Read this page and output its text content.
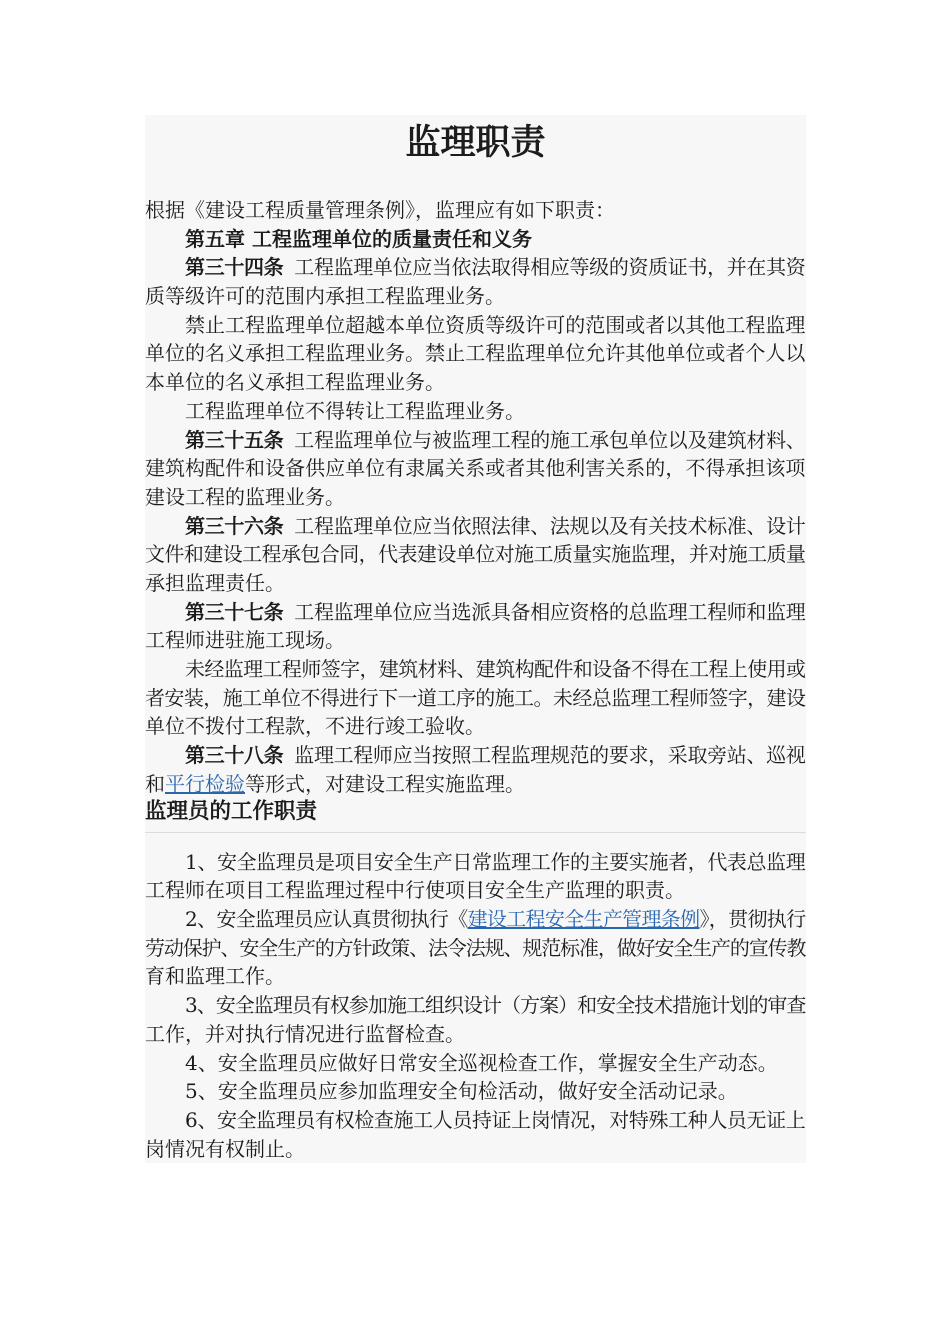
监理职责
根据《建设工程质量管理条例》，监理应有如下职责：
第五章 工程监理单位的质量责任和义务
第三十四条 工程监理单位应当依法取得相应等级的资质证书，并在其资
质等级许可的范围内承担工程监理业务。
禁止工程监理单位超越本单位资质等级许可的范围或者以其他工程监理
单位的名义承担工程监理业务。禁止工程监理单位允许其他单位或者个人以
本单位的名义承担工程监理业务。
工程监理单位不得转让工程监理业务。
第三十五条 工程监理单位与被监理工程的施工承包单位以及建筑材料、
建筑构配件和设备供应单位有隶属关系或者其他利害关系的，不得承担该项
建设工程的监理业务。
第三十六条 工程监理单位应当依照法律、法规以及有关技术标准、设计
文件和建设工程承包合同，代表建设单位对施工质量实施监理，并对施工质量
承担监理责任。
第三十七条 工程监理单位应当选派具备相应资格的总监理工程师和监理
工程师进驻施工现场。
未经监理工程师签字，建筑材料、建筑构配件和设备不得在工程上使用或
者安装，施工单位不得进行下一道工序的施工。未经总监理工程师签字，建设
单位不拨付工程款，不进行竣工验收。
第三十八条 监理工程师应当按照工程监理规范的要求，采取旁站、巡视
和平行检验等形式，对建设工程实施监理。
监理员的工作职责
1、安全监理员是项目安全生产日常监理工作的主要实施者，代表总监理
工程师在项目工程监理过程中行使项目安全生产监理的职责。
2、安全监理员应认真贯彻执行《建设工程安全生产管理条例》，贯彻执行
劳动保护、安全生产的方针政策、法令法规、规范标准，做好安全生产的宣传教
育和监理工作。
3、安全监理员有权参加施工组织设计（方案）和安全技术措施计划的审查
工作，并对执行情况进行监督检查。
4、安全监理员应做好日常安全巡视检查工作，掌握安全生产动态。
5、安全监理员应参加监理安全旬检活动，做好安全活动记录。
6、安全监理员有权检查施工人员持证上岗情况，对特殊工种人员无证上
岗情况有权制止。
